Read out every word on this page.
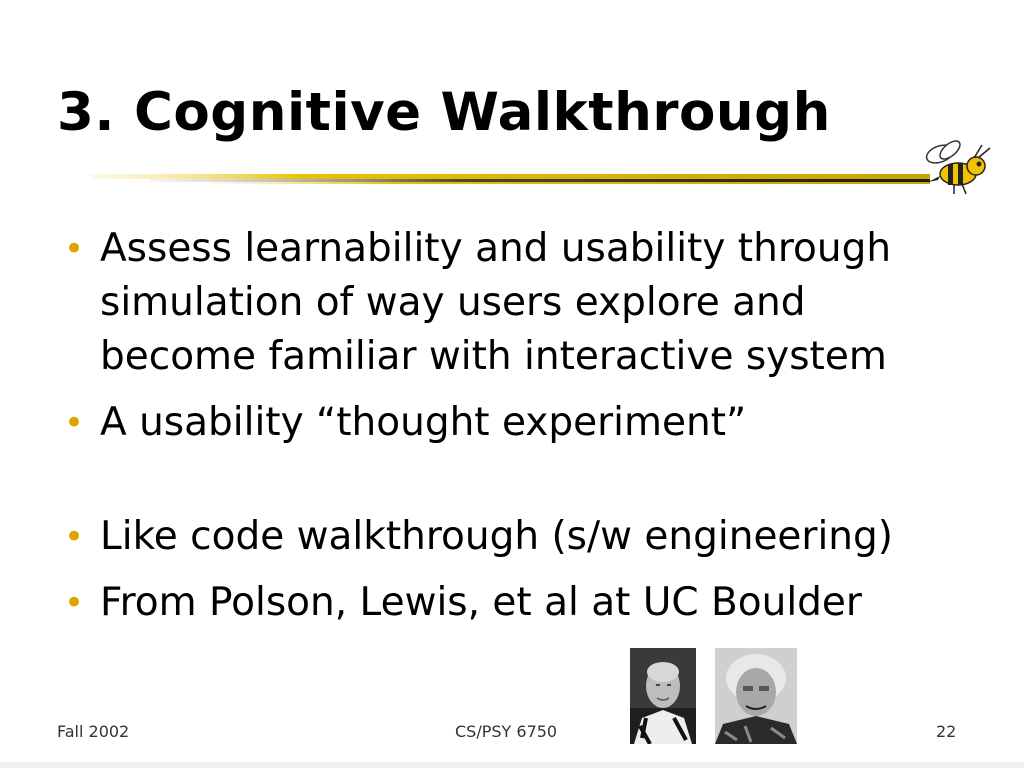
3. Cognitive Walkthrough
• Assess learnability and usability through simulation of way users explore and become familiar with interactive system
• A usability “thought experiment”
• Like code walkthrough (s/w engineering)
• From Polson, Lewis, et al at UC Boulder
Fall 2002	CS/PSY 6750	22
